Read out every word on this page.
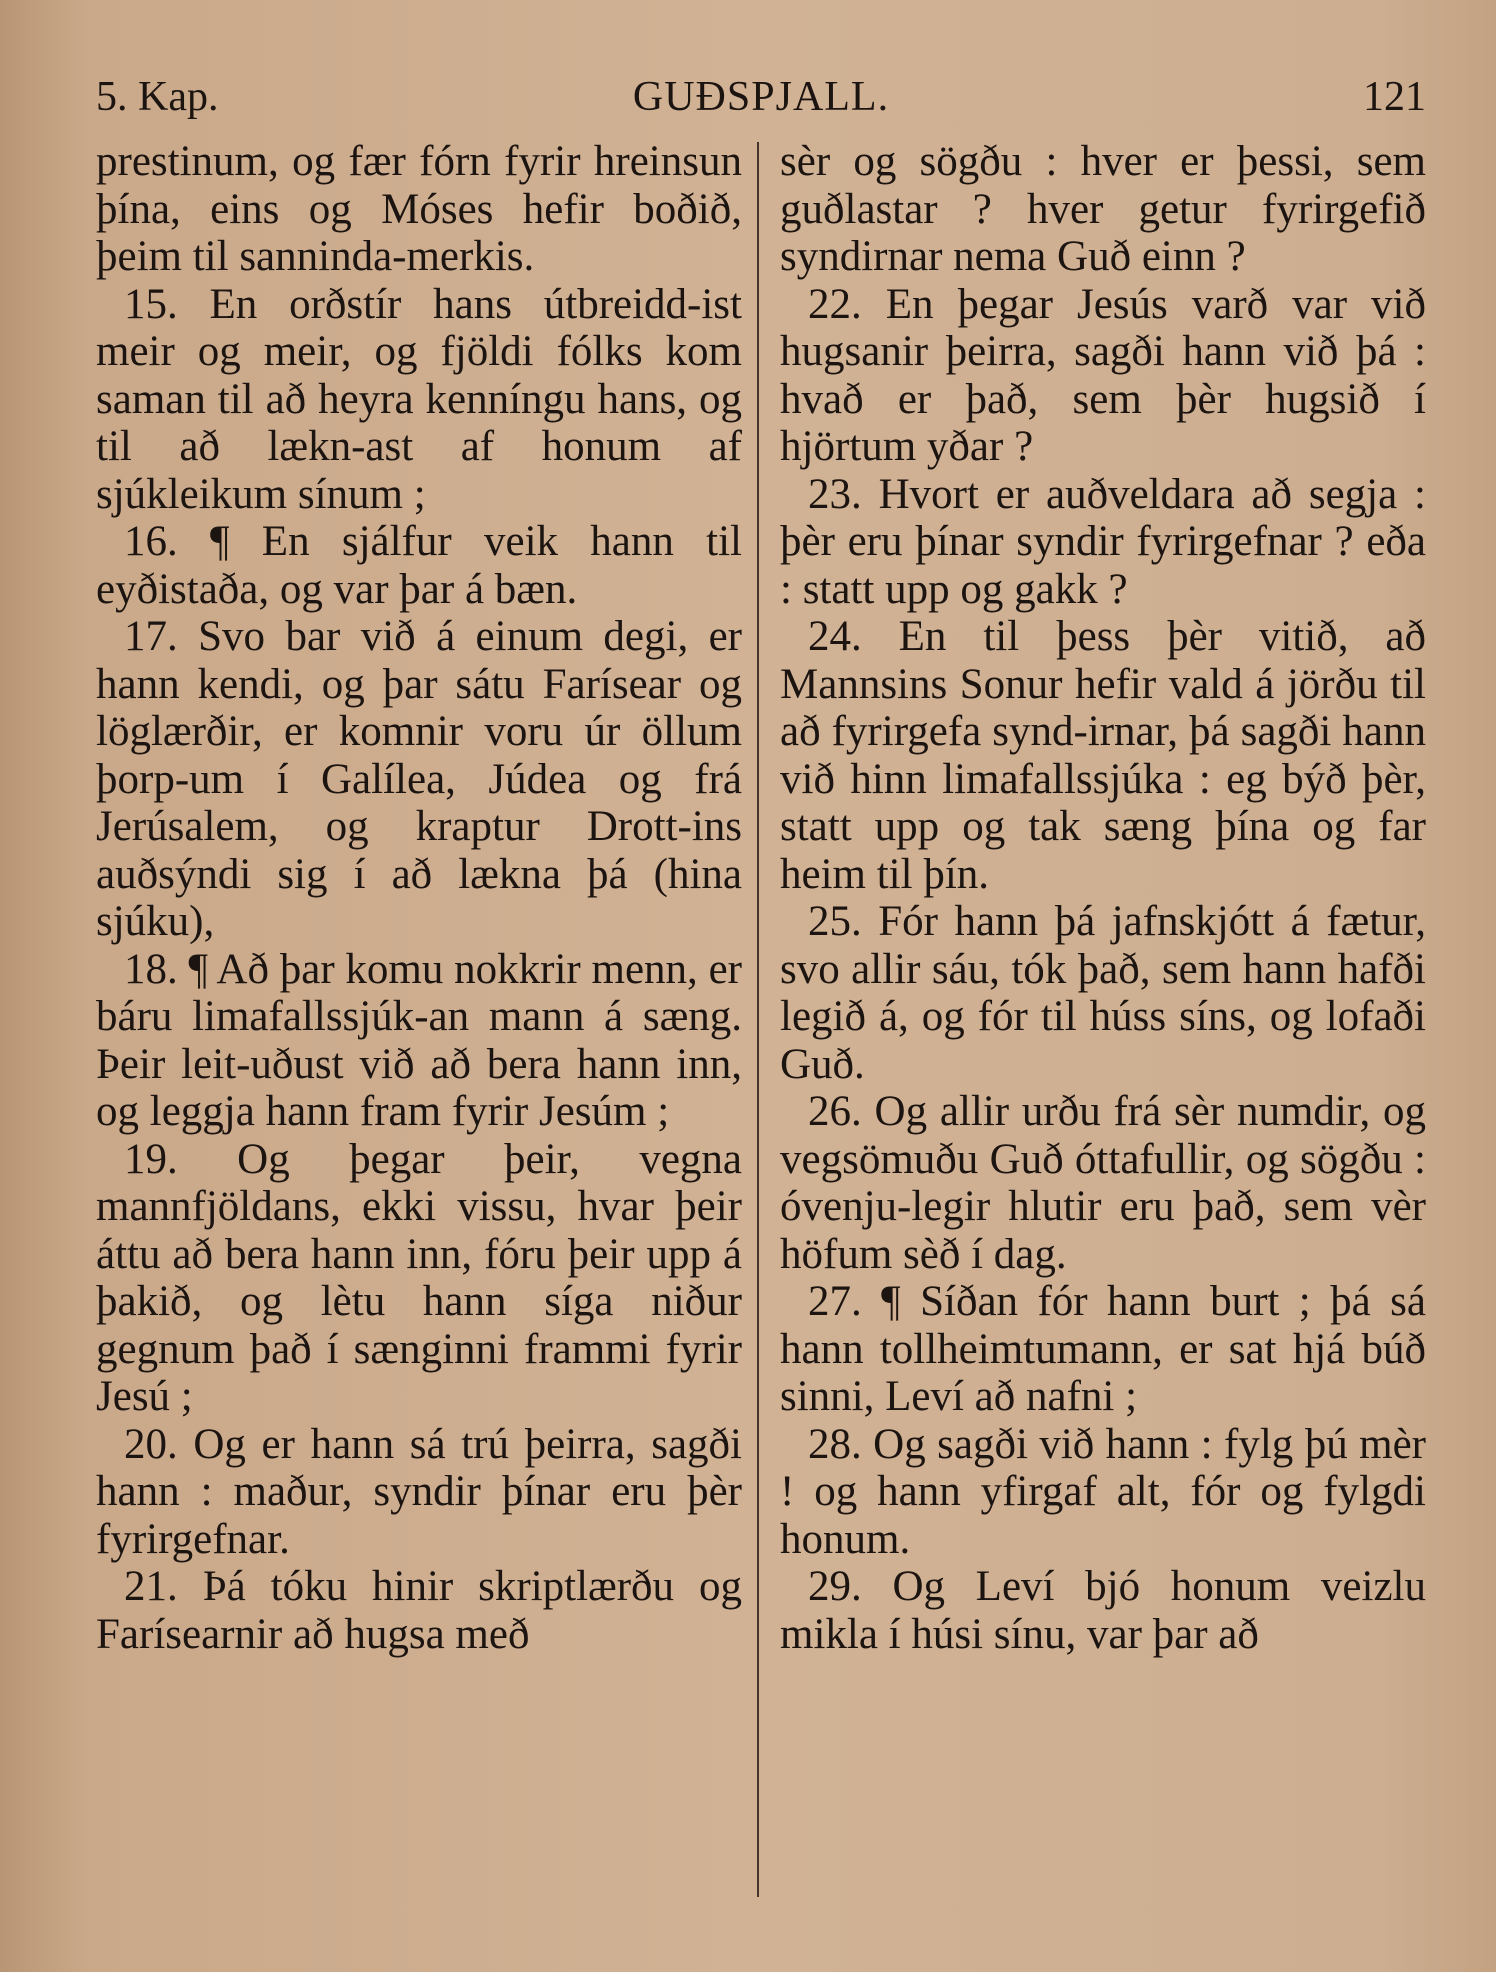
5. Kap.	GUÐSPJALL.	121

prestinum, og fær fórn fyrir hreinsun þína, eins og Móses hefir boðið, þeim til sanninda-merkis.

15. En orðstír hans útbreidd-ist meir og meir, og fjöldi fólks kom saman til að heyra kenníngu hans, og til að lækn-ast af honum af sjúkleikum sínum ;

16. ¶ En sjálfur veik hann til eyðistaða, og var þar á bæn.

17. Svo bar við á einum degi, er hann kendi, og þar sátu Farísear og löglærðir, er komnir voru úr öllum þorp-um í Galílea, Júdea og frá Jerúsalem, og kraptur Drott-ins auðsýndi sig í að lækna þá (hina sjúku),

18. ¶ Að þar komu nokkrir menn, er báru limafallssjúk-an mann á sæng. Þeir leit-uðust við að bera hann inn, og leggja hann fram fyrir Jesúm ;

19. Og þegar þeir, vegna mannfjöldans, ekki vissu, hvar þeir áttu að bera hann inn, fóru þeir upp á þakið, og lètu hann síga niður gegnum það í sænginni frammi fyrir Jesú ;

20. Og er hann sá trú þeirra, sagði hann : maður, syndir þínar eru þèr fyrirgefnar.

21. Þá tóku hinir skriptlærðu og Farísearnir að hugsa með

sèr og sögðu : hver er þessi, sem guðlastar ? hver getur fyrirgefið syndirnar nema Guð einn ?

22. En þegar Jesús varð var við hugsanir þeirra, sagði hann við þá : hvað er það, sem þèr hugsið í hjörtum yðar ?

23. Hvort er auðveldara að segja : þèr eru þínar syndir fyrirgefnar ? eða : statt upp og gakk ?

24. En til þess þèr vitið, að Mannsins Sonur hefir vald á jörðu til að fyrirgefa synd-irnar, þá sagði hann við hinn limafallssjúka : eg býð þèr, statt upp og tak sæng þína og far heim til þín.

25. Fór hann þá jafnskjótt á fætur, svo allir sáu, tók það, sem hann hafði legið á, og fór til húss síns, og lofaði Guð.

26. Og allir urðu frá sèr numdir, og vegsömuðu Guð óttafullir, og sögðu : óvenju-legir hlutir eru það, sem vèr höfum sèð í dag.

27. ¶ Síðan fór hann burt ; þá sá hann tollheimtumann, er sat hjá búð sinni, Leví að nafni ;

28. Og sagði við hann : fylg þú mèr ! og hann yfirgaf alt, fór og fylgdi honum.

29. Og Leví bjó honum veizlu mikla í húsi sínu, var þar að
